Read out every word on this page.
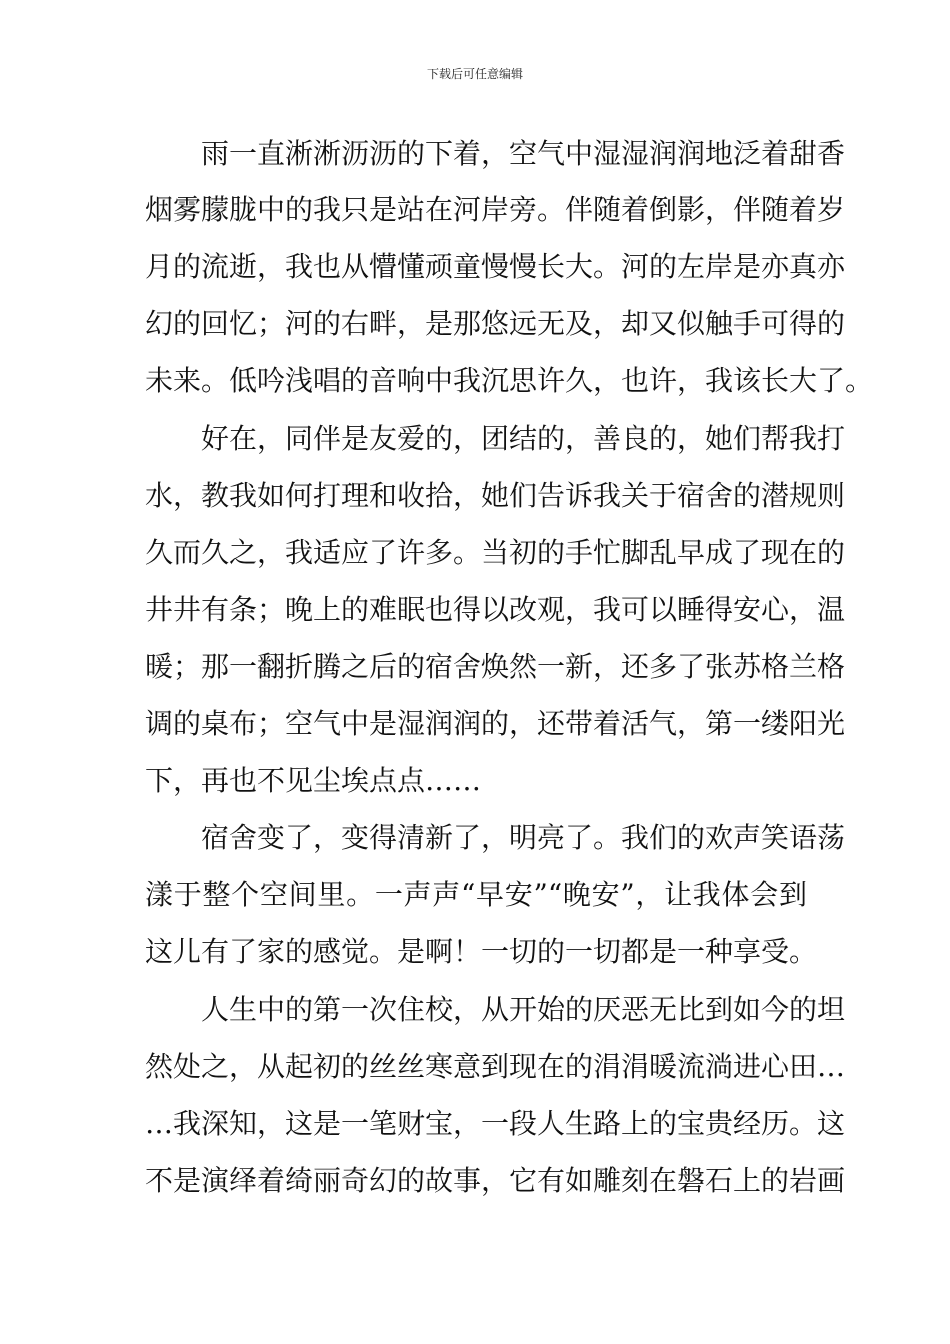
下载后可任意编辑
雨一直淅淅沥沥的下着，空气中湿湿润润地泛着甜香
烟雾朦胧中的我只是站在河岸旁。伴随着倒影，伴随着岁
月的流逝，我也从懵懂顽童慢慢长大。河的左岸是亦真亦
幻的回忆；河的右畔，是那悠远无及，却又似触手可得的
未来。低吟浅唱的音响中我沉思许久，也许，我该长大了。
好在，同伴是友爱的，团结的，善良的，她们帮我打
水，教我如何打理和收拾，她们告诉我关于宿舍的潜规则
久而久之，我适应了许多。当初的手忙脚乱早成了现在的
井井有条；晚上的难眠也得以改观，我可以睡得安心，温
暖；那一翻折腾之后的宿舍焕然一新，还多了张苏格兰格
调的桌布；空气中是湿润润的，还带着活气，第一缕阳光
下，再也不见尘埃点点……
宿舍变了，变得清新了，明亮了。我们的欢声笑语荡
漾于整个空间里。一声声“早安”“晚安”，让我体会到
这儿有了家的感觉。是啊！一切的一切都是一种享受。
人生中的第一次住校，从开始的厌恶无比到如今的坦
然处之，从起初的丝丝寒意到现在的涓涓暖流淌进心田…
…我深知，这是一笔财宝，一段人生路上的宝贵经历。这
不是演绎着绮丽奇幻的故事，它有如雕刻在磐石上的岩画
